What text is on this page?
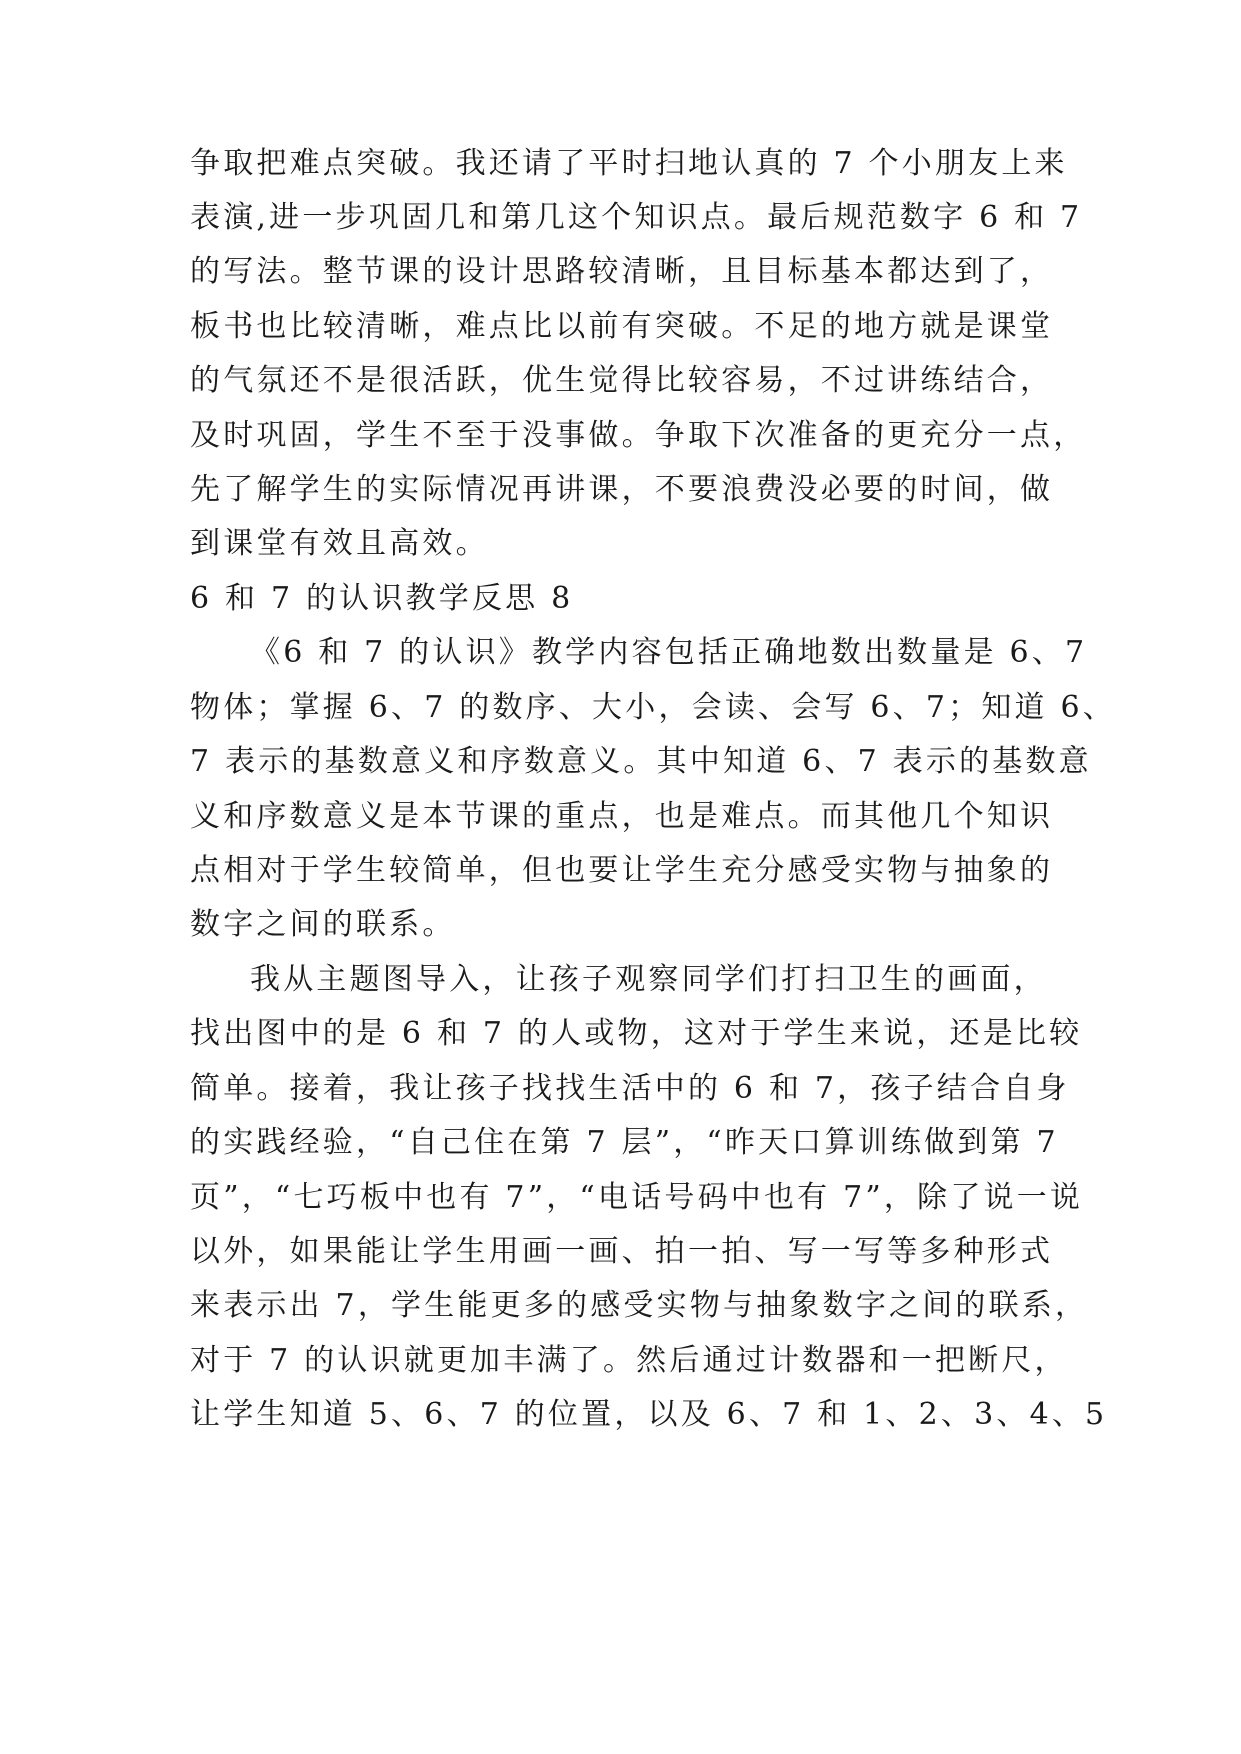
争取把难点突破。我还请了平时扫地认真的 7 个小朋友上来
表演,进一步巩固几和第几这个知识点。最后规范数字 6 和 7
的写法。整节课的设计思路较清晰，且目标基本都达到了，
板书也比较清晰，难点比以前有突破。不足的地方就是课堂
的气氛还不是很活跃，优生觉得比较容易，不过讲练结合，
及时巩固，学生不至于没事做。争取下次准备的更充分一点，
先了解学生的实际情况再讲课，不要浪费没必要的时间，做
到课堂有效且高效。
6 和 7 的认识教学反思 8
《6 和 7 的认识》教学内容包括正确地数出数量是 6、7
物体；掌握 6、7 的数序、大小，会读、会写 6、7；知道 6、
7 表示的基数意义和序数意义。其中知道 6、7 表示的基数意
义和序数意义是本节课的重点，也是难点。而其他几个知识
点相对于学生较简单，但也要让学生充分感受实物与抽象的
数字之间的联系。
我从主题图导入，让孩子观察同学们打扫卫生的画面，
找出图中的是 6 和 7 的人或物，这对于学生来说，还是比较
简单。接着，我让孩子找找生活中的 6 和 7，孩子结合自身
的实践经验，“自己住在第 7 层”，“昨天口算训练做到第 7
页”，“七巧板中也有 7”，“电话号码中也有 7”，除了说一说
以外，如果能让学生用画一画、拍一拍、写一写等多种形式
来表示出 7，学生能更多的感受实物与抽象数字之间的联系，
对于 7 的认识就更加丰满了。然后通过计数器和一把断尺，
让学生知道 5、6、7 的位置，以及 6、7 和 1、2、3、4、5
